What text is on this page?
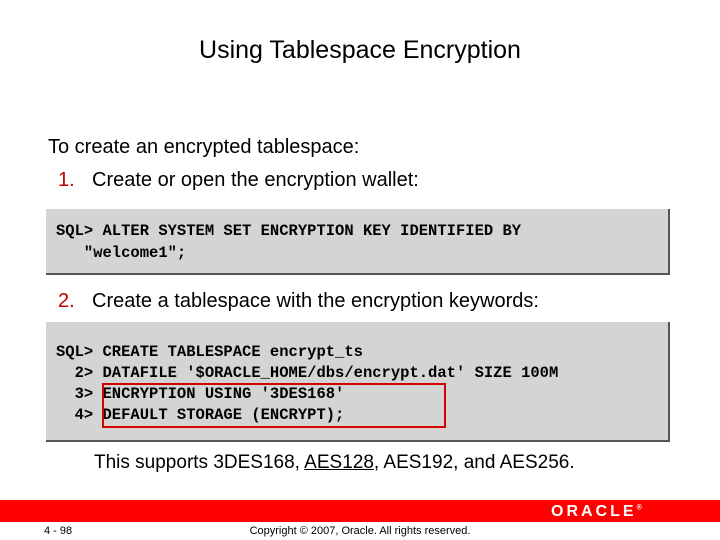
Using Tablespace Encryption
To create an encrypted tablespace:
1. Create or open the encryption wallet:
SQL> ALTER SYSTEM SET ENCRYPTION KEY IDENTIFIED BY
"welcome1";
2. Create a tablespace with the encryption keywords:
SQL> CREATE TABLESPACE encrypt_ts
2> DATAFILE '$ORACLE_HOME/dbs/encrypt.dat' SIZE 100M
3> ENCRYPTION USING '3DES168'
4> DEFAULT STORAGE (ENCRYPT);
This supports 3DES168, AES128, AES192, and AES256.
ORACLE®
4 - 98	Copyright © 2007, Oracle. All rights reserved.
